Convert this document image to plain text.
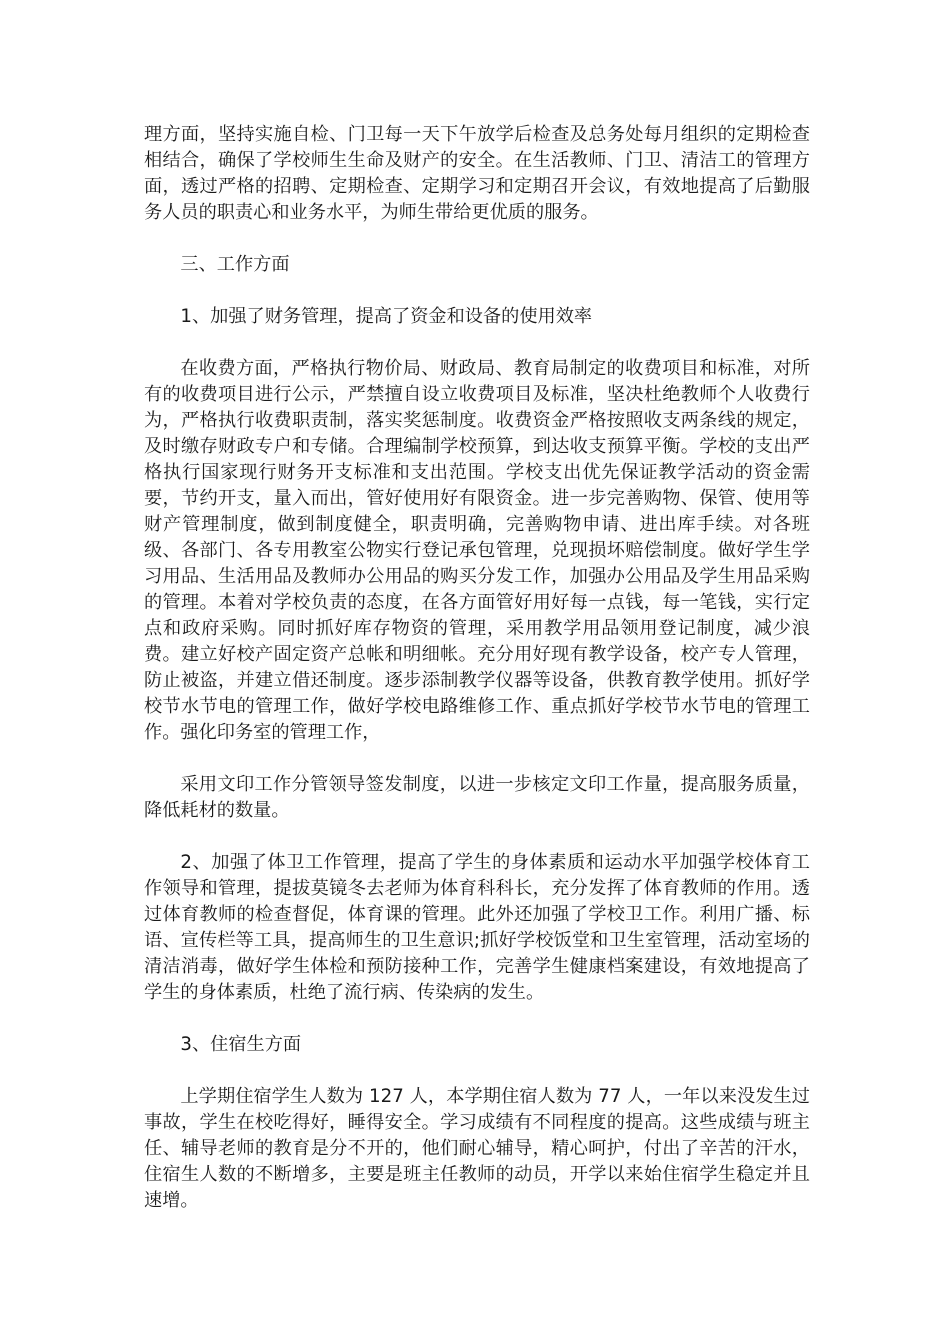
理方面，坚持实施自检、门卫每一天下午放学后检查及总务处每月组织的定期检查相结合，确保了学校师生生命及财产的安全。在生活教师、门卫、清洁工的管理方面，透过严格的招聘、定期检查、定期学习和定期召开会议，有效地提高了后勤服务人员的职责心和业务水平，为师生带给更优质的服务。

三、工作方面

1、加强了财务管理，提高了资金和设备的使用效率

在收费方面，严格执行物价局、财政局、教育局制定的收费项目和标准，对所有的收费项目进行公示，严禁擅自设立收费项目及标准，坚决杜绝教师个人收费行为，严格执行收费职责制，落实奖惩制度。收费资金严格按照收支两条线的规定，及时缴存财政专户和专储。合理编制学校预算，到达收支预算平衡。学校的支出严格执行国家现行财务开支标准和支出范围。学校支出优先保证教学活动的资金需要，节约开支，量入而出，管好使用好有限资金。进一步完善购物、保管、使用等财产管理制度，做到制度健全，职责明确，完善购物申请、进出库手续。对各班级、各部门、各专用教室公物实行登记承包管理，兑现损坏赔偿制度。做好学生学习用品、生活用品及教师办公用品的购买分发工作，加强办公用品及学生用品采购的管理。本着对学校负责的态度，在各方面管好用好每一点钱，每一笔钱，实行定点和政府采购。同时抓好库存物资的管理，采用教学用品领用登记制度，减少浪费。建立好校产固定资产总帐和明细帐。充分用好现有教学设备，校产专人管理，防止被盗，并建立借还制度。逐步添制教学仪器等设备，供教育教学使用。抓好学校节水节电的管理工作，做好学校电路维修工作、重点抓好学校节水节电的管理工作。强化印务室的管理工作，

采用文印工作分管领导签发制度，以进一步核定文印工作量，提高服务质量，降低耗材的数量。

2、加强了体卫工作管理，提高了学生的身体素质和运动水平加强学校体育工作领导和管理，提拔莫镜冬去老师为体育科科长，充分发挥了体育教师的作用。透过体育教师的检查督促，体育课的管理。此外还加强了学校卫工作。利用广播、标语、宣传栏等工具，提高师生的卫生意识;抓好学校饭堂和卫生室管理，活动室场的清洁消毒，做好学生体检和预防接种工作，完善学生健康档案建设，有效地提高了学生的身体素质，杜绝了流行病、传染病的发生。

3、住宿生方面

上学期住宿学生人数为 127 人，本学期住宿人数为 77 人，一年以来没发生过事故，学生在校吃得好，睡得安全。学习成绩有不同程度的提高。这些成绩与班主任、辅导老师的教育是分不开的，他们耐心辅导，精心呵护，付出了辛苦的汗水，住宿生人数的不断增多，主要是班主任教师的动员，开学以来始住宿学生稳定并且速增。
